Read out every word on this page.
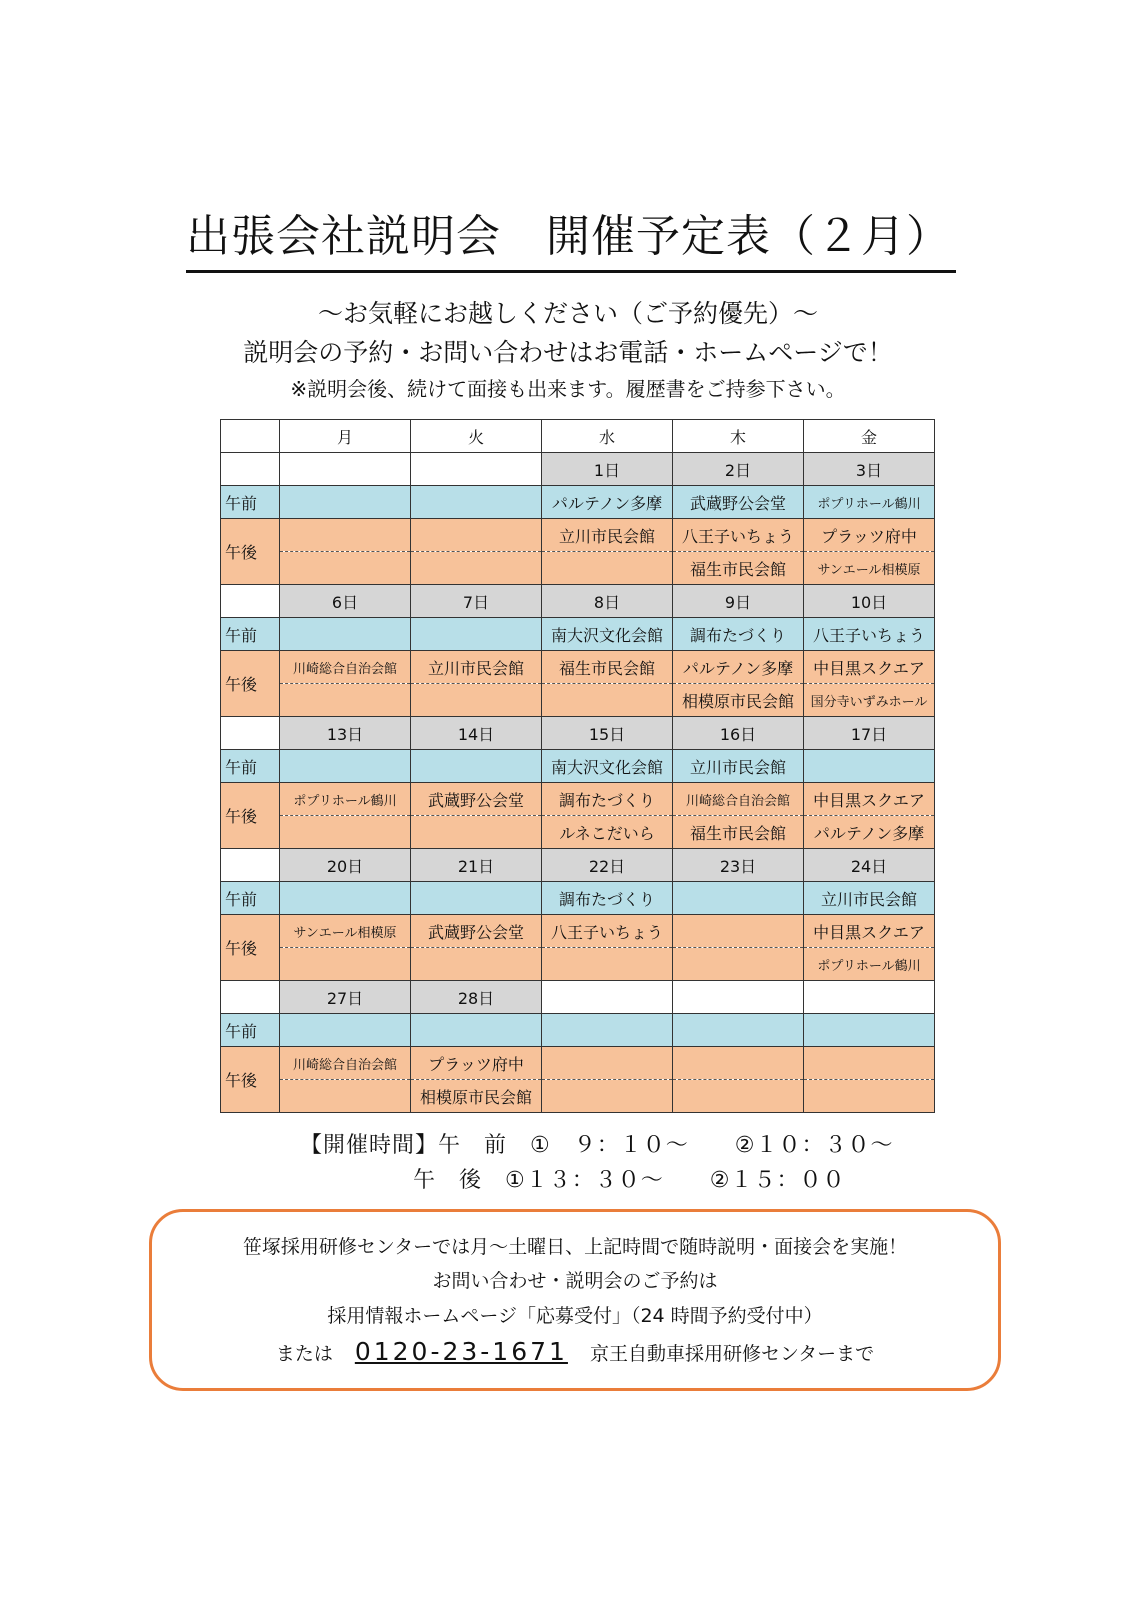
出張会社説明会　開催予定表（２月）
～お気軽にお越しください（ご予約優先）～
説明会の予約・お問い合わせはお電話・ホームページで！
※説明会後、続けて面接も出来ます。履歴書をご持参下さい。
	月	火	水	木	金
			1日	2日	3日
午前			パルテノン多摩	武蔵野公会堂	ポプリホール鶴川
午後			立川市民会館	八王子いちょう	プラッツ府中
				福生市民会館	サンエール相模原
	6日	7日	8日	9日	10日
午前			南大沢文化会館	調布たづくり	八王子いちょう
午後	川崎総合自治会館	立川市民会館	福生市民会館	パルテノン多摩	中目黒スクエア
				相模原市民会館	国分寺いずみホール
	13日	14日	15日	16日	17日
午前			南大沢文化会館	立川市民会館	
午後	ポプリホール鶴川	武蔵野公会堂	調布たづくり	川崎総合自治会館	中目黒スクエア
			ルネこだいら	福生市民会館	パルテノン多摩
	20日	21日	22日	23日	24日
午前			調布たづくり		立川市民会館
午後	サンエール相模原	武蔵野公会堂	八王子いちょう		中目黒スクエア
					ポプリホール鶴川
	27日	28日			
午前					
午後	川崎総合自治会館	プラッツ府中			
		相模原市民会館			
【開催時間】午　前　①　９：１０～　　②１０：３０～
午　後　①１３：３０～　　②１５：００
笹塚採用研修センターでは月～土曜日、上記時間で随時説明・面接会を実施！
お問い合わせ・説明会のご予約は
採用情報ホームページ「応募受付」（24 時間予約受付中）
または 0120-23-1671 京王自動車採用研修センターまで
